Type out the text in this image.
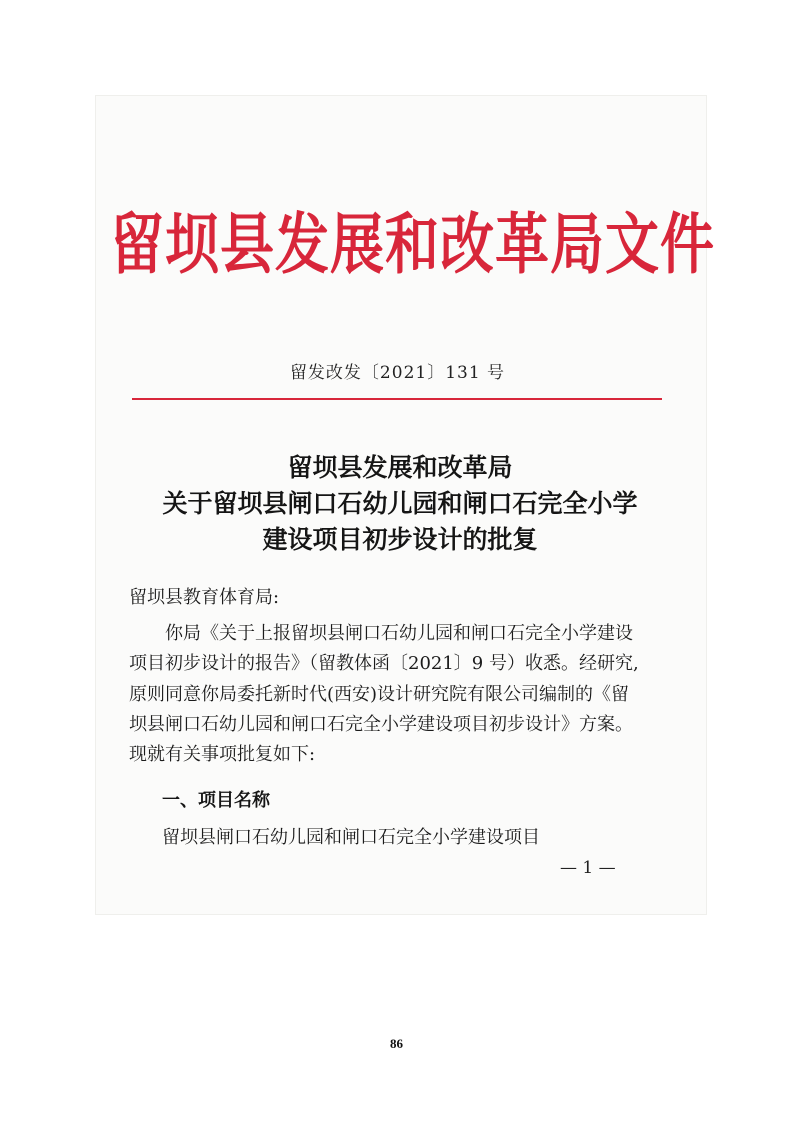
留坝县发展和改革局文件
留发改发〔2021〕131 号
留坝县发展和改革局
关于留坝县闸口石幼儿园和闸口石完全小学
建设项目初步设计的批复
留坝县教育体育局:
　　你局《关于上报留坝县闸口石幼儿园和闸口石完全小学建设
项目初步设计的报告》（留教体函〔2021〕9 号）收悉。经研究,
原则同意你局委托新时代(西安)设计研究院有限公司编制的《留
坝县闸口石幼儿园和闸口石完全小学建设项目初步设计》方案。
现就有关事项批复如下:
一、项目名称
留坝县闸口石幼儿园和闸口石完全小学建设项目
— 1 —
86
